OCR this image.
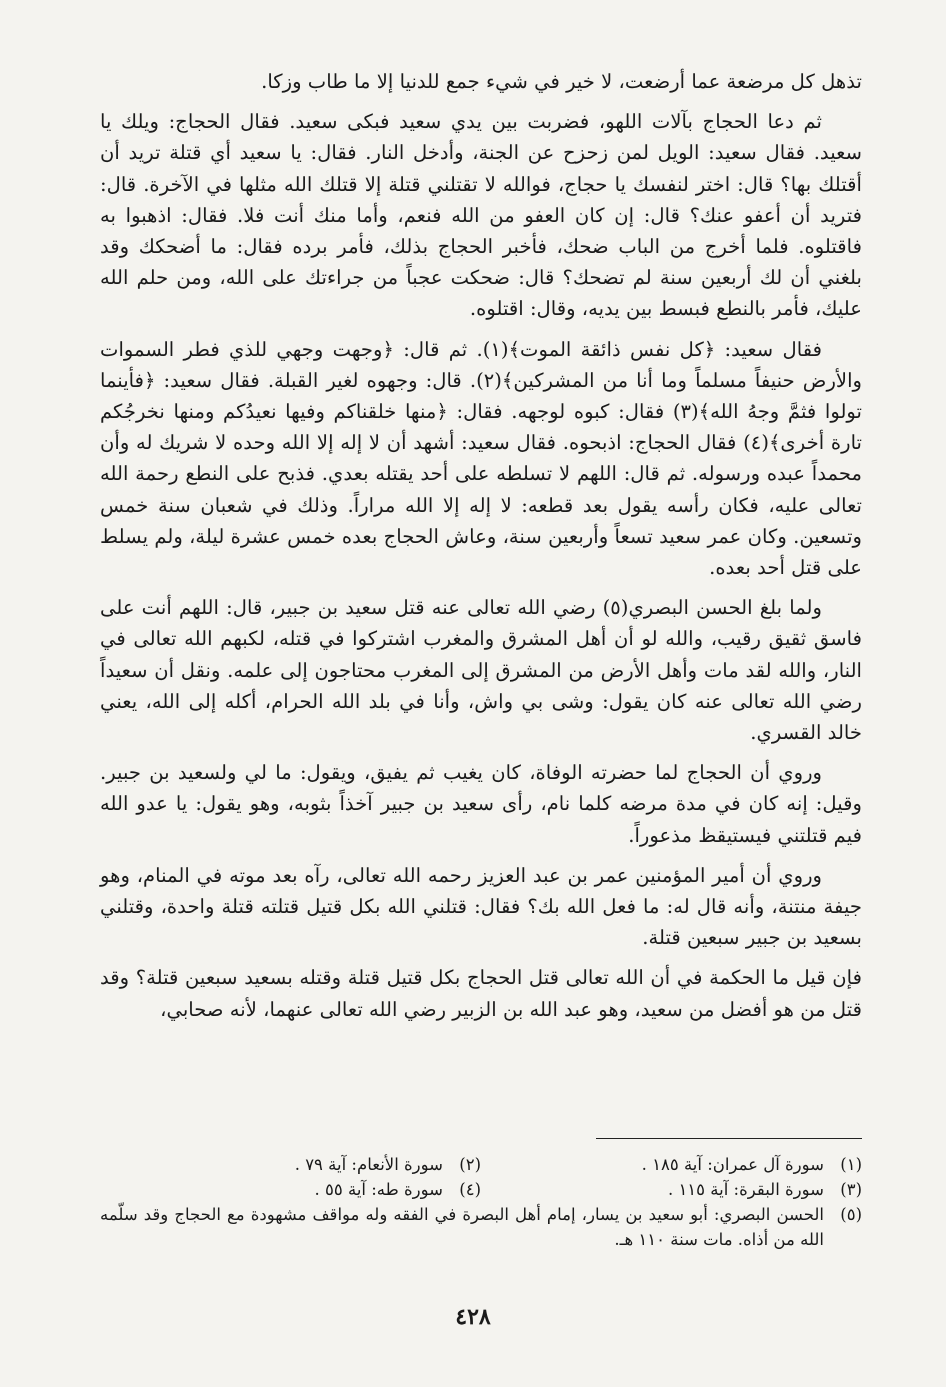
تذهل كل مرضعة عما أرضعت، لا خير في شيء جمع للدنيا إلا ما طاب وزكا.

ثم دعا الحجاج بآلات اللهو، فضربت بين يدي سعيد فبكى سعيد. فقال الحجاج: ويلك يا سعيد. فقال سعيد: الويل لمن زحزح عن الجنة، وأدخل النار. فقال: يا سعيد أي قتلة تريد أن أقتلك بها؟ قال: اختر لنفسك يا حجاج، فوالله لا تقتلني قتلة إلا قتلك الله مثلها في الآخرة. قال: فتريد أن أعفو عنك؟ قال: إن كان العفو من الله فنعم، وأما منك أنت فلا. فقال: اذهبوا به فاقتلوه. فلما أخرج من الباب ضحك، فأخبر الحجاج بذلك، فأمر برده فقال: ما أضحكك وقد بلغني أن لك أربعين سنة لم تضحك؟ قال: ضحكت عجباً من جراءتك على الله، ومن حلم الله عليك، فأمر بالنطع فبسط بين يديه، وقال: اقتلوه.

فقال سعيد: ﴿كل نفس ذائقة الموت﴾(١). ثم قال: ﴿وجهت وجهي للذي فطر السموات والأرض حنيفاً مسلماً وما أنا من المشركين﴾(٢). قال: وجهوه لغير القبلة. فقال سعيد: ﴿فأينما تولوا فثمَّ وجهُ الله﴾(٣) فقال: كبوه لوجهه. فقال: ﴿منها خلقناكم وفيها نعيدُكم ومنها نخرجُكم تارة أخرى﴾(٤) فقال الحجاج: اذبحوه. فقال سعيد: أشهد أن لا إله إلا الله وحده لا شريك له وأن محمداً عبده ورسوله. ثم قال: اللهم لا تسلطه على أحد يقتله بعدي. فذبح على النطع رحمة الله تعالى عليه، فكان رأسه يقول بعد قطعه: لا إله إلا الله مراراً. وذلك في شعبان سنة خمس وتسعين. وكان عمر سعيد تسعاً وأربعين سنة، وعاش الحجاج بعده خمس عشرة ليلة، ولم يسلط على قتل أحد بعده.

ولما بلغ الحسن البصري(٥) رضي الله تعالى عنه قتل سعيد بن جبير، قال: اللهم أنت على فاسق ثقيق رقيب، والله لو أن أهل المشرق والمغرب اشتركوا في قتله، لكبهم الله تعالى في النار، والله لقد مات وأهل الأرض من المشرق إلى المغرب محتاجون إلى علمه. ونقل أن سعيداً رضي الله تعالى عنه كان يقول: وشى بي واش، وأنا في بلد الله الحرام، أكله إلى الله، يعني خالد القسري.

وروي أن الحجاج لما حضرته الوفاة، كان يغيب ثم يفيق، ويقول: ما لي ولسعيد بن جبير. وقيل: إنه كان في مدة مرضه كلما نام، رأى سعيد بن جبير آخذاً بثوبه، وهو يقول: يا عدو الله فيم قتلتني فيستيقظ مذعوراً.

وروي أن أمير المؤمنين عمر بن عبد العزيز رحمه الله تعالى، رآه بعد موته في المنام، وهو جيفة منتنة، وأنه قال له: ما فعل الله بك؟ فقال: قتلني الله بكل قتيل قتلته قتلة واحدة، وقتلني بسعيد بن جبير سبعين قتلة.

فإن قيل ما الحكمة في أن الله تعالى قتل الحجاج بكل قتيل قتلة وقتله بسعيد سبعين قتلة؟ وقد قتل من هو أفضل من سعيد، وهو عبد الله بن الزبير رضي الله تعالى عنهما، لأنه صحابي،

(١)
سورة آل عمران: آية ١٨٥ .
(٢)
سورة الأنعام: آية ٧٩ .
(٣)
سورة البقرة: آية ١١٥ .
(٤)
سورة طه: آية ٥٥ .
(٥)
الحسن البصري: أبو سعيد بن يسار، إمام أهل البصرة في الفقه وله مواقف مشهودة مع الحجاج وقد سلّمه الله من أذاه. مات سنة ١١٠ هـ.
٤٢٨
